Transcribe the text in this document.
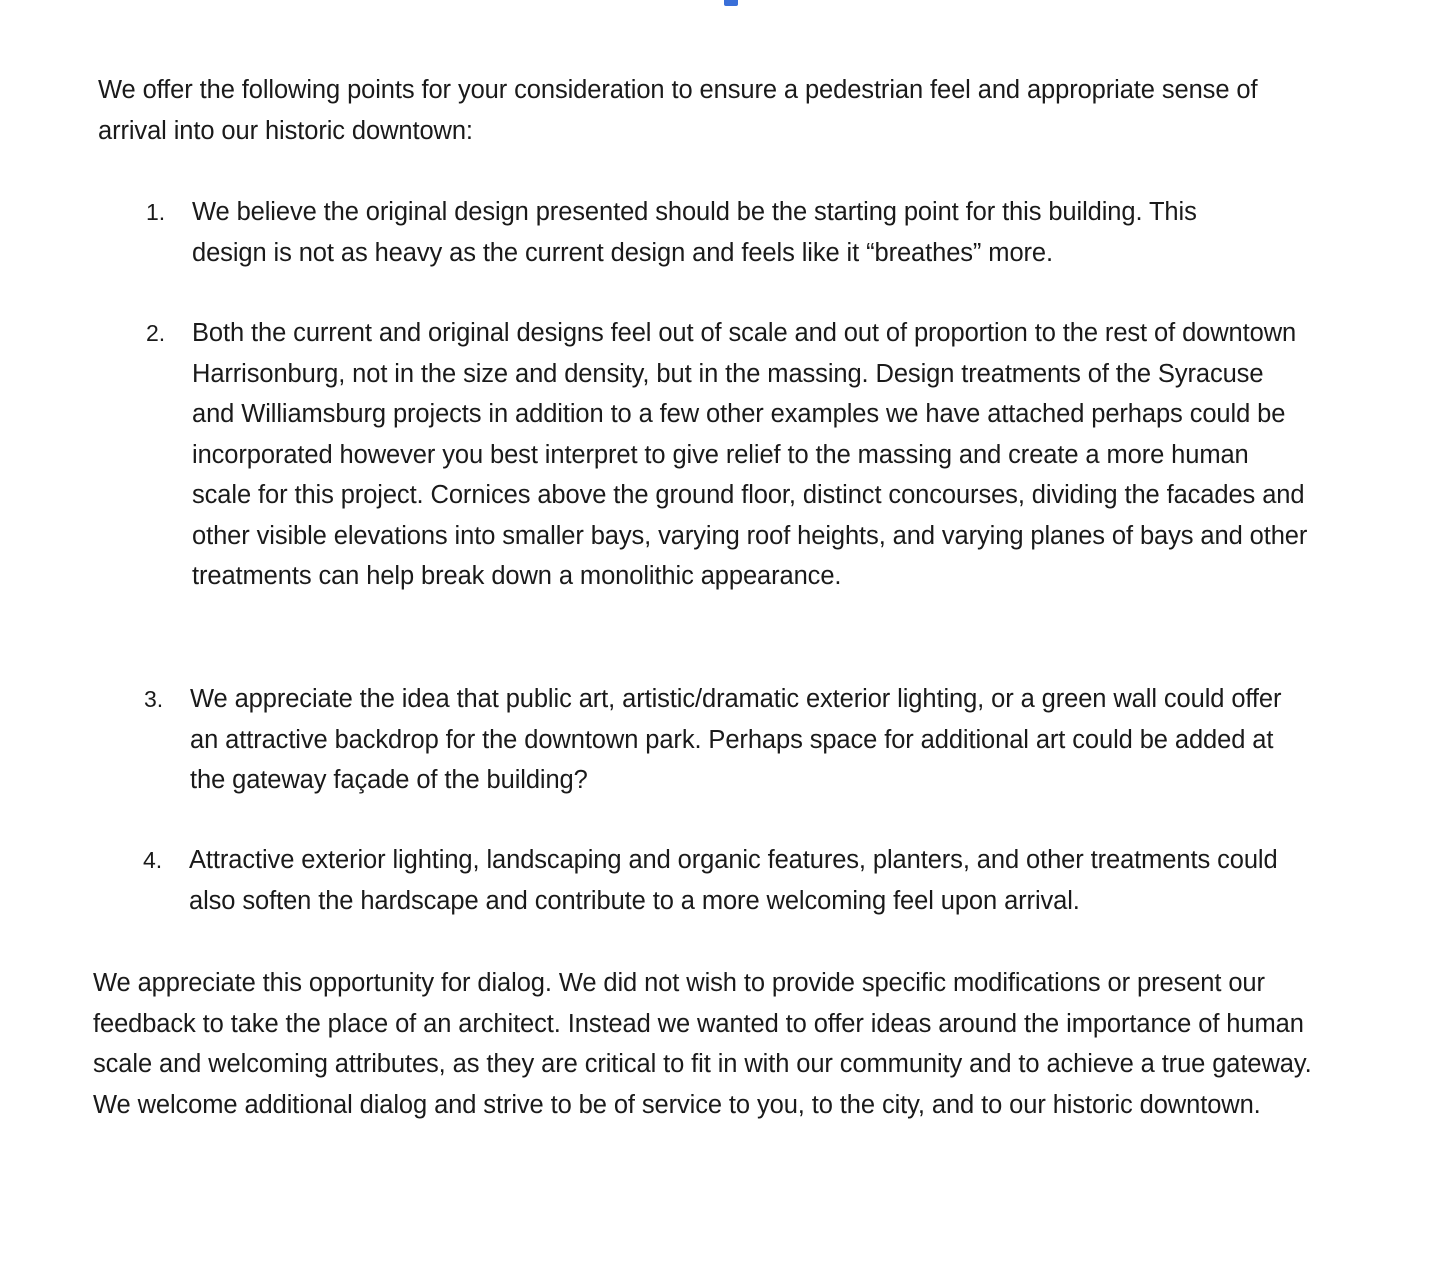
We offer the following points for your consideration to ensure a pedestrian feel and appropriate sense of arrival into our historic downtown:

1.	We believe the original design presented should be the starting point for this building. This design is not as heavy as the current design and feels like it “breathes” more.
2.	Both the current and original designs feel out of scale and out of proportion to the rest of downtown Harrisonburg, not in the size and density, but in the massing. Design treatments of the Syracuse and Williamsburg projects in addition to a few other examples we have attached perhaps could be incorporated however you best interpret to give relief to the massing and create a more human scale for this project. Cornices above the ground floor, distinct concourses, dividing the facades and other visible elevations into smaller bays, varying roof heights, and varying planes of bays and other treatments can help break down a monolithic appearance.
3.	We appreciate the idea that public art, artistic/dramatic exterior lighting, or a green wall could offer an attractive backdrop for the downtown park. Perhaps space for additional art could be added at the gateway façade of the building?
4.	Attractive exterior lighting, landscaping and organic features, planters, and other treatments could also soften the hardscape and contribute to a more welcoming feel upon arrival.

We appreciate this opportunity for dialog. We did not wish to provide specific modifications or present our feedback to take the place of an architect. Instead we wanted to offer ideas around the importance of human scale and welcoming attributes, as they are critical to fit in with our community and to achieve a true gateway. We welcome additional dialog and strive to be of service to you, to the city, and to our historic downtown.
